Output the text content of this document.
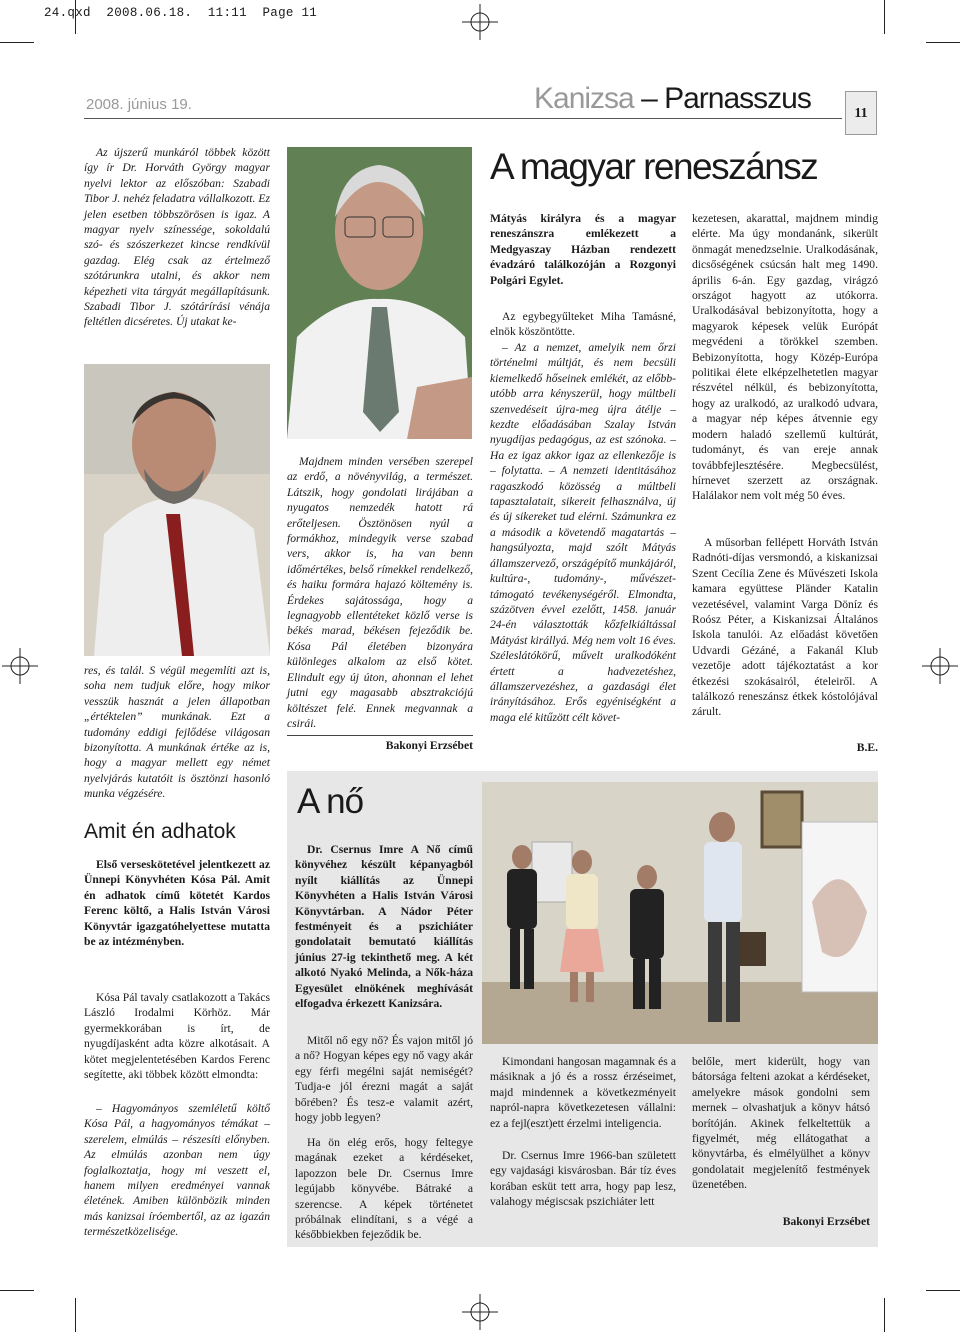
24.qxd 2008.06.18. 11:11 Page 11
2008. június 19.	Kanizsa – Parnasszus	11
Az újszerű munkáról többek között így ír Dr. Horváth György magyar nyelvi lektor az előszóban: Szabadi Tibor J. nehéz feladatra vállalkozott. Ez jelen esetben többszörösen is igaz. A magyar nyelv színessége, sokoldalú szó- és szószerkezet kincse rendkívül gazdag. Elég csak az értelmező szótárunkra utalni, és akkor nem képezheti vita tárgyát megállapításunk. Szabadi Tibor J. szótárírási vénája feltétlen dicséretes. Új utakat ke-
res, és talál. S végül megemlíti azt is, soha nem tudjuk előre, hogy mikor vesszük hasznát a jelen állapotban „értéktelen” munkának. Ezt a tudomány eddigi fejlődése világosan bizonyította. A munkának értéke az is, hogy a magyar mellett egy német nyelvjárás kutatóit is ösztönzi hasonló munka végzésére.
Amit én adhatok
Első verseskötetével jelentkezett az Ünnepi Könyvhéten Kósa Pál. Amit én adhatok című kötetét Kardos Ferenc költő, a Halis István Városi Könyvtár igazgatóhelyettese mutatta be az intézményben.
Kósa Pál tavaly csatlakozott a Takács László Irodalmi Körhöz. Már gyermekkorában is írt, de nyugdíjasként adta közre alkotásait. A kötet megjelentetésében Kardos Ferenc segítette, aki többek között elmondta:
– Hagyományos szemléletű költő Kósa Pál, a hagyományos témákat – szerelem, elmúlás – részesíti előnyben. Az elmúlás azonban nem úgy foglalkoztatja, hogy mi veszett el, hanem milyen eredményei vannak életének. Amiben különbözik minden más kanizsai íróembertől, az az igazán természetközelisége.
Majdnem minden versében szerepel az erdő, a növényvilág, a természet. Látszik, hogy gondolati lirájában a nyugatos nemzedék hatott rá erőteljesen. Ösztönösen nyúl a formákhoz, mindegyik verse szabad vers, akkor is, ha van benn időmértékes, belső rímekkel rendelkező, és haiku formára hajazó költemény is. Érdekes sajátossága, hogy a legnagyobb ellentéteket közlő verse is békés marad, békésen fejeződik be. Kósa Pál életében bizonyára különleges alkalom az első kötet. Elindult egy új úton, ahonnan el lehet jutni egy magasabb absztrakciójú költészet felé. Ennek megvannak a csirái.
Bakonyi Erzsébet
A magyar reneszánsz
Mátyás királyra és a magyar reneszánszra emlékezett a Medgyaszay Házban rendezett évadzáró találkozóján a Rozgonyi Polgári Egylet.
Az egybegyűlteket Miha Tamásné, elnök köszöntötte.
– Az a nemzet, amelyik nem őrzi történelmi múltját, és nem becsüli kiemelkedő hőseinek emlékét, az előbb-utóbb arra kényszerül, hogy múltbeli szenvedéseit újra-meg újra átélje – kezdte előadásában Szalay István nyugdíjas pedagógus, az est szónoka. – Ha ez igaz akkor igaz az ellenkezője is – folytatta. – A nemzeti identitásához ragaszkodó közösség a múltbeli tapasztalatait, sikereit felhasználva, új és új sikereket tud elérni. Számunkra ez a második a követendő magatartás – hangsúlyozta, majd szólt Mátyás államszervező, országépítő munkájáról, kultúra-, tudomány-, művészet-támogató tevékenységéről. Elmondta, százötven évvel ezelőtt, 1458. január 24-én választották kőzfelkiáltással Mátyást királlyá. Még nem volt 16 éves. Széleslátókörű, művelt uralkodóként értett a hadvezetéshez, államszervezéshez, a gazdasági élet irányításához. Erős egyéniségként a maga elé kitűzött célt követ-
kezetesen, akarattal, majdnem mindig elérte. Ma úgy mondanánk, sikerült önmagát menedzselnie. Uralkodásának, dicsőségének csúcsán halt meg 1490. április 6-án. Egy gazdag, virágzó országot hagyott az utókorra. Uralkodásával bebizonyította, hogy a magyarok képesek velük Európát megvédeni a törökkel szemben. Bebizonyította, hogy Közép-Európa politikai élete elképzelhetetlen magyar részvétel nélkül, és bebizonyította, hogy az uralkodó, az uralkodó udvara, a magyar nép képes átvennie egy modern haladó szellemű kultúrát, tudományt, és van ereje annak továbbfejlesztésére. Megbecsülést, hírnevet szerzett az országnak. Halálakor nem volt még 50 éves.
A műsorban fellépett Horváth István Radnóti-díjas versmondó, a kiskanizsai Szent Cecília Zene és Művészeti Iskola kamara együttese Pländer Katalin vezetésével, valamint Varga Döníz és Roósz Péter, a Kiskanizsai Általános Iskola tanulói. Az előadást követően Udvardi Gézáné, a Fakanál Klub vezetője adott tájékoztatást a kor étkezési szokásairól, ételeiről. A találkozó reneszánsz étkek kóstolójával zárult.
B.E.
A nő
Dr. Csernus Imre A Nő című könyvéhez készült képanyagból nyílt kiállítás az Ünnepi Könyvhéten a Halis István Városi Könyvtárban. A Nádor Péter festményeit és a pszichiáter gondolatait bemutató kiállítás június 27-ig tekinthető meg. A két alkotó Nyakó Melinda, a Nők-háza Egyesület elnökének meghívását elfogadva érkezett Kanizsára.
Mitől nő egy nő? És vajon mitől jó a nő? Hogyan képes egy nő vagy akár egy férfi megélni saját nemiségét? Tudja-e jól érezni magát a saját bőrében? És tesz-e valamit azért, hogy jobb legyen?
Ha ön elég erős, hogy feltegye magának ezeket a kérdéseket, lapozzon bele Dr. Csernus Imre legújabb könyvébe. Bátraké a szerencse. A képek történetet próbálnak elindítani, s a végé a későbbiekben fejeződik be.
Kimondani hangosan magamnak és a másiknak a jó és a rossz érzéseimet, majd mindennek a következményeit napról-napra következetesen vállalni: ez a fejl(eszt)ett érzelmi inteligencia.
Dr. Csernus Imre 1966-ban született egy vajdasági kisvárosban. Bár tíz éves korában esküt tett arra, hogy pap lesz, valahogy mégiscsak pszichiáter lett
belőle, mert kiderült, hogy van bátorsága felteni azokat a kérdéseket, amelyekre mások gondolni sem mernek – olvashatjuk a könyv hátsó borítóján. Akinek felkeltettük a figyelmét, még ellátogathat a könyvtárba, és elmélyülhet a könyv gondolatait megjelenítő festmények üzenetében.
Bakonyi Erzsébet
